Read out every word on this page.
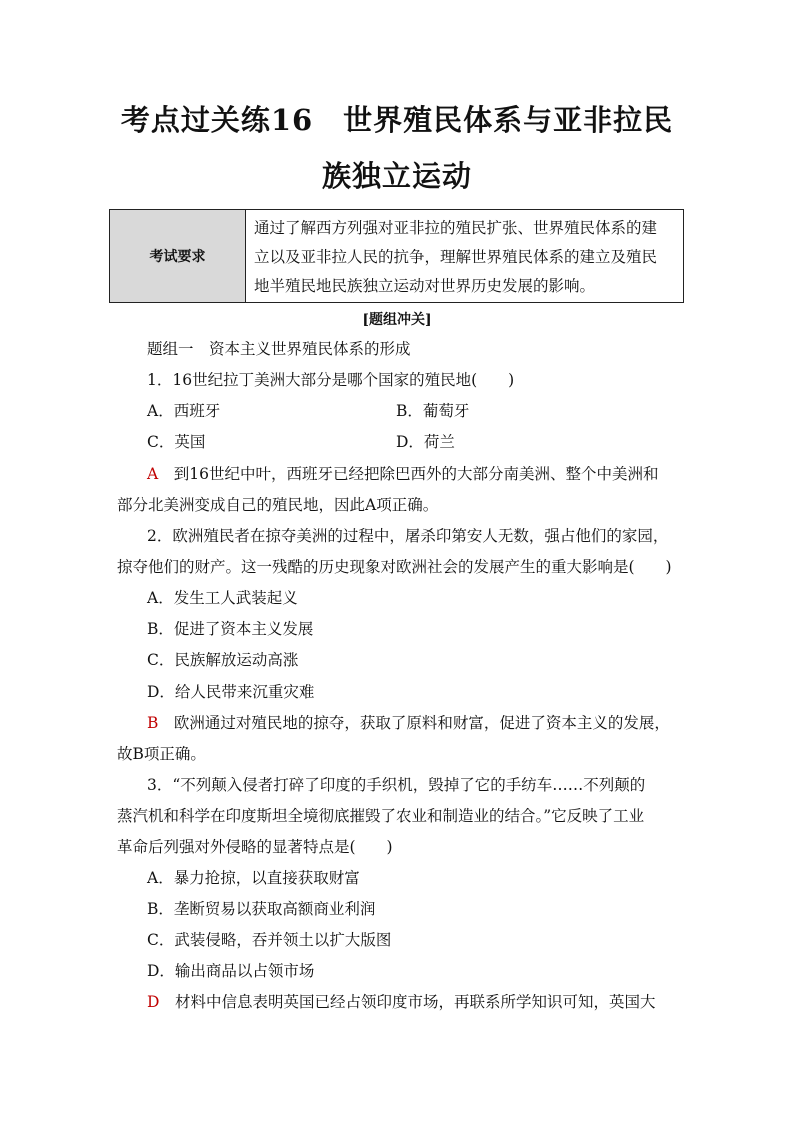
考点过关练16　世界殖民体系与亚非拉民
族独立运动
考试要求
通过了解西方列强对亚非拉的殖民扩张、世界殖民体系的建
立以及亚非拉人民的抗争，理解世界殖民体系的建立及殖民
地半殖民地民族独立运动对世界历史发展的影响。
[题组冲关]
题组一　资本主义世界殖民体系的形成
1．16世纪拉丁美洲大部分是哪个国家的殖民地(　　)
A．西班牙	B．葡萄牙
C．英国	D．荷兰
A　 到16世纪中叶，西班牙已经把除巴西外的大部分南美洲、整个中美洲和
部分北美洲变成自己的殖民地，因此A项正确。
2．欧洲殖民者在掠夺美洲的过程中，屠杀印第安人无数，强占他们的家园，
掠夺他们的财产。这一残酷的历史现象对欧洲社会的发展产生的重大影响是(　　)
A．发生工人武装起义
B．促进了资本主义发展
C．民族解放运动高涨
D．给人民带来沉重灾难
B　 欧洲通过对殖民地的掠夺，获取了原料和财富，促进了资本主义的发展，
故B项正确。
3．“不列颠入侵者打碎了印度的手织机，毁掉了它的手纺车……不列颠的
蒸汽机和科学在印度斯坦全境彻底摧毁了农业和制造业的结合。”它反映了工业
革命后列强对外侵略的显著特点是(　　)
A．暴力抢掠，以直接获取财富
B．垄断贸易以获取高额商业利润
C．武装侵略，吞并领土以扩大版图
D．输出商品以占领市场
D　 材料中信息表明英国已经占领印度市场，再联系所学知识可知，英国大
